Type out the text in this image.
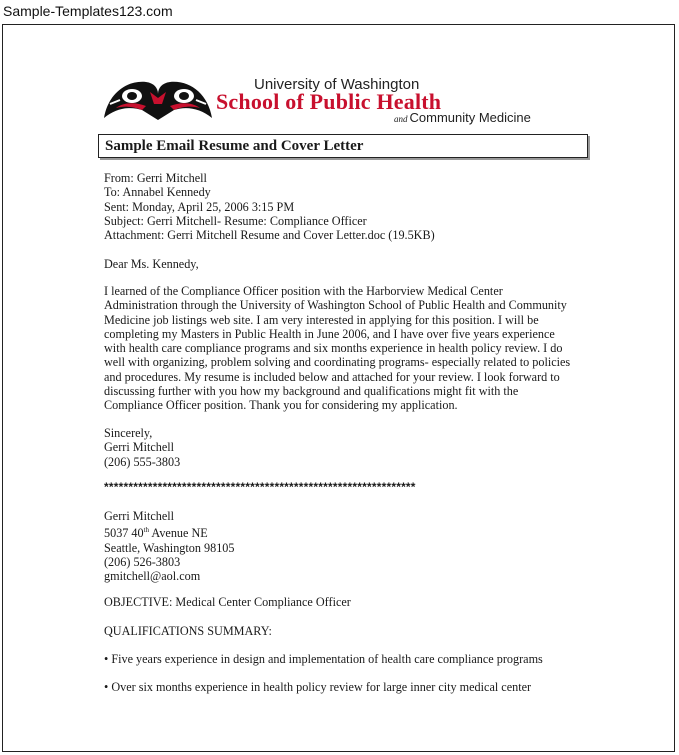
Sample-Templates123.com
University of Washington
School of Public Health
and Community Medicine
Sample Email Resume and Cover Letter
From: Gerri Mitchell
To: Annabel Kennedy
Sent: Monday, April 25, 2006 3:15 PM
Subject: Gerri Mitchell- Resume: Compliance Officer
Attachment: Gerri Mitchell Resume and Cover Letter.doc (19.5KB)
Dear Ms. Kennedy,
I learned of the Compliance Officer position with the Harborview Medical Center
Administration through the University of Washington School of Public Health and Community
Medicine job listings web site. I am very interested in applying for this position. I will be
completing my Masters in Public Health in June 2006, and I have over five years experience
with health care compliance programs and six months experience in health policy review. I do
well with organizing, problem solving and coordinating programs- especially related to policies
and procedures. My resume is included below and attached for your review. I look forward to
discussing further with you how my background and qualifications might fit with the
Compliance Officer position. Thank you for considering my application.
Sincerely,
Gerri Mitchell
(206) 555-3803
****************************************************************
Gerri Mitchell
5037 40th Avenue NE
Seattle, Washington 98105
(206) 526-3803
gmitchell@aol.com
OBJECTIVE: Medical Center Compliance Officer
QUALIFICATIONS SUMMARY:
• Five years experience in design and implementation of health care compliance programs
• Over six months experience in health policy review for large inner city medical center
